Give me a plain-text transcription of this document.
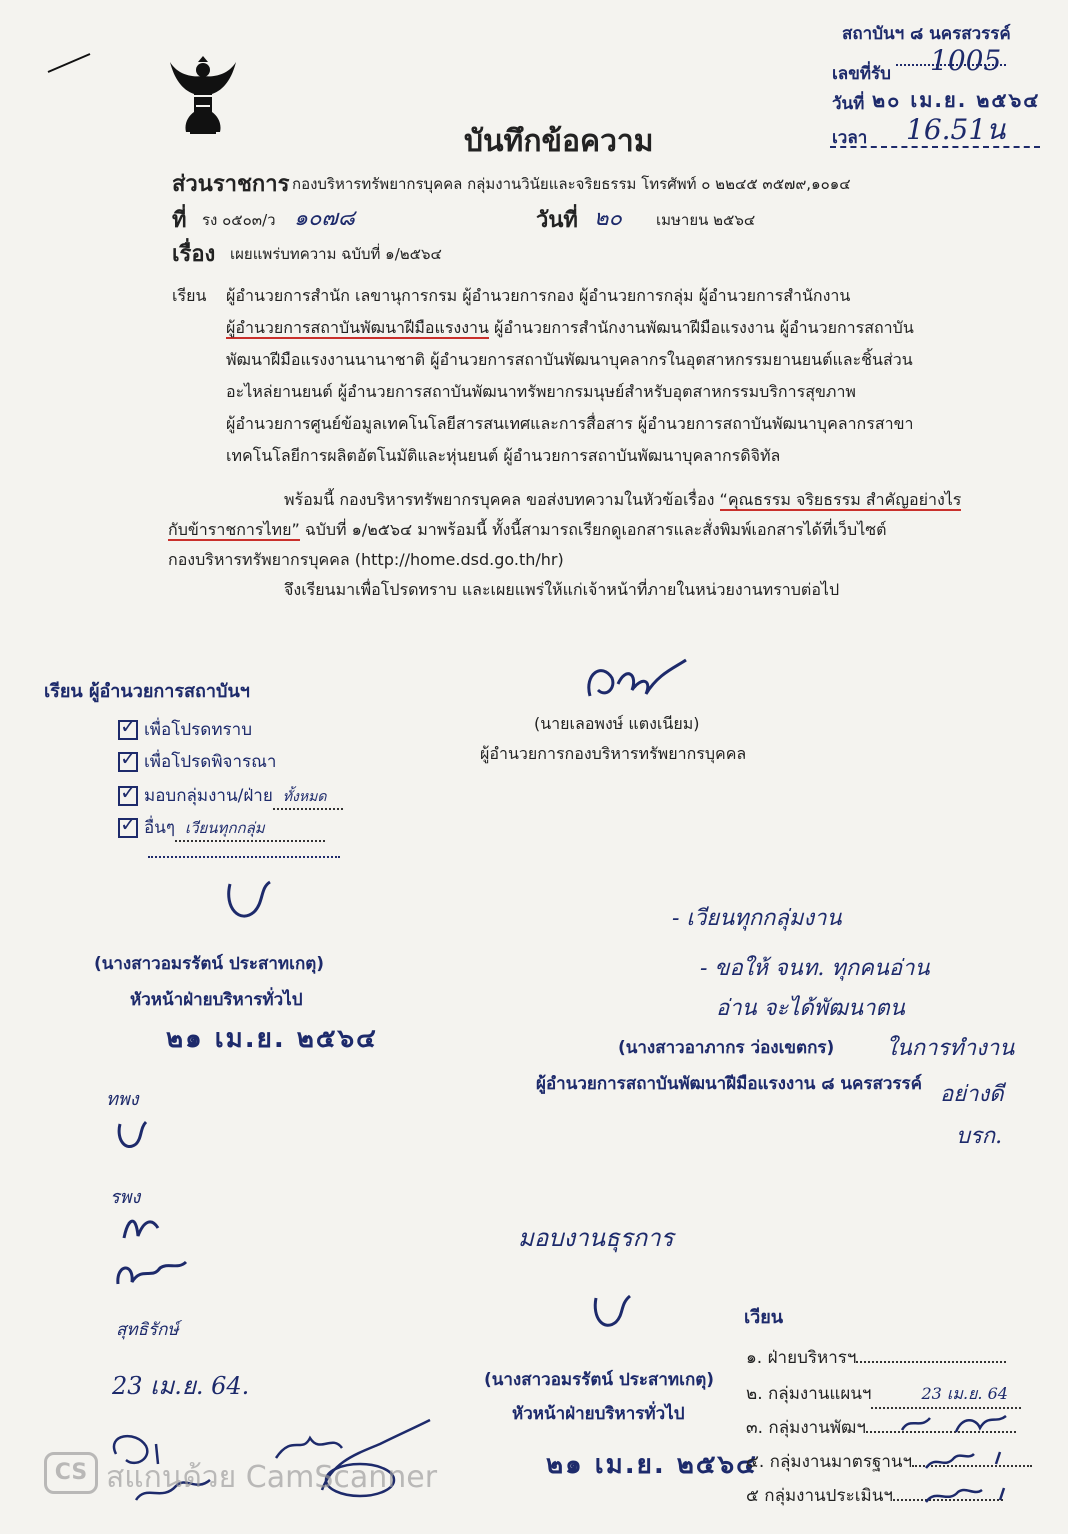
สถาบันฯ ๘ นครสวรรค์
เลขที่รับ 1005
วันที่ ๒๐ เม.ย. ๒๕๖๔
เวลา 16.51น
บันทึกข้อความ
ส่วนราชการ กองบริหารทรัพยากรบุคคล กลุ่มงานวินัยและจริยธรรม โทรศัพท์ ๐ ๒๒๔๕ ๓๕๗๙,๑๐๑๔
ที่ รง ๐๕๐๓/ว ๑๐๗๘	วันที่ ๒๐ เมษายน ๒๕๖๔
เรื่อง เผยแพร่บทความ ฉบับที่ ๑/๒๕๖๔
เรียน ผู้อำนวยการสำนัก เลขานุการกรม ผู้อำนวยการกอง ผู้อำนวยการกลุ่ม ผู้อำนวยการสำนักงาน
ผู้อำนวยการสถาบันพัฒนาฝีมือแรงงาน ผู้อำนวยการสำนักงานพัฒนาฝีมือแรงงาน ผู้อำนวยการสถาบัน
พัฒนาฝีมือแรงงานนานาชาติ ผู้อำนวยการสถาบันพัฒนาบุคลากรในอุตสาหกรรมยานยนต์และชิ้นส่วน
อะไหล่ยานยนต์ ผู้อำนวยการสถาบันพัฒนาทรัพยากรมนุษย์สำหรับอุตสาหกรรมบริการสุขภาพ
ผู้อำนวยการศูนย์ข้อมูลเทคโนโลยีสารสนเทศและการสื่อสาร ผู้อำนวยการสถาบันพัฒนาบุคลากรสาขา
เทคโนโลยีการผลิตอัตโนมัติและหุ่นยนต์ ผู้อำนวยการสถาบันพัฒนาบุคลากรดิจิทัล
พร้อมนี้ กองบริหารทรัพยากรบุคคล ขอส่งบทความในหัวข้อเรื่อง “คุณธรรม จริยธรรม สำคัญอย่างไร
กับข้าราชการไทย” ฉบับที่ ๑/๒๕๖๔ มาพร้อมนี้ ทั้งนี้สามารถเรียกดูเอกสารและสั่งพิมพ์เอกสารได้ที่เว็บไซต์
กองบริหารทรัพยากรบุคคล (http://home.dsd.go.th/hr)
จึงเรียนมาเพื่อโปรดทราบ และเผยแพร่ให้แก่เจ้าหน้าที่ภายในหน่วยงานทราบต่อไป
(นายเลอพงษ์ แตงเนียม)
ผู้อำนวยการกองบริหารทรัพยากรบุคคล
เรียน ผู้อำนวยการสถาบันฯ
✓เพื่อโปรดทราบ
✓เพื่อโปรดพิจารณา
✓มอบกลุ่มงาน/ฝ่าย ทั้งหมด
✓อื่นๆ เวียนทุกกลุ่ม
(นางสาวอมรรัตน์ ประสาทเกตุ)
หัวหน้าฝ่ายบริหารทั่วไป
๒๑ เม.ย. ๒๕๖๔
- เวียนทุกกลุ่มงาน
- ขอให้ จนท. ทุกคนอ่าน
อ่าน จะได้พัฒนาตน
ในการทำงาน
อย่างดี
บรก.
(นางสาวอาภากร ว่องเขตกร)
ผู้อำนวยการสถาบันพัฒนาฝีมือแรงงาน ๘ นครสวรรค์
ทพง
รพง
สุทธิรักษ์
23 เม.ย. 64.
มอบงานธุรการ
(นางสาวอมรรัตน์ ประสาทเกตุ)
หัวหน้าฝ่ายบริหารทั่วไป
๒๑ เม.ย. ๒๕๖๔
เวียน
๑. ฝ่ายบริหารฯ
๒. กลุ่มงานแผนฯ	23 เม.ย. 64
๓. กลุ่มงานพัฒฯ
๔. กลุ่มงานมาตรฐานฯ
๕ กลุ่มงานประเมินฯ
CS สแกนด้วย CamScanner
